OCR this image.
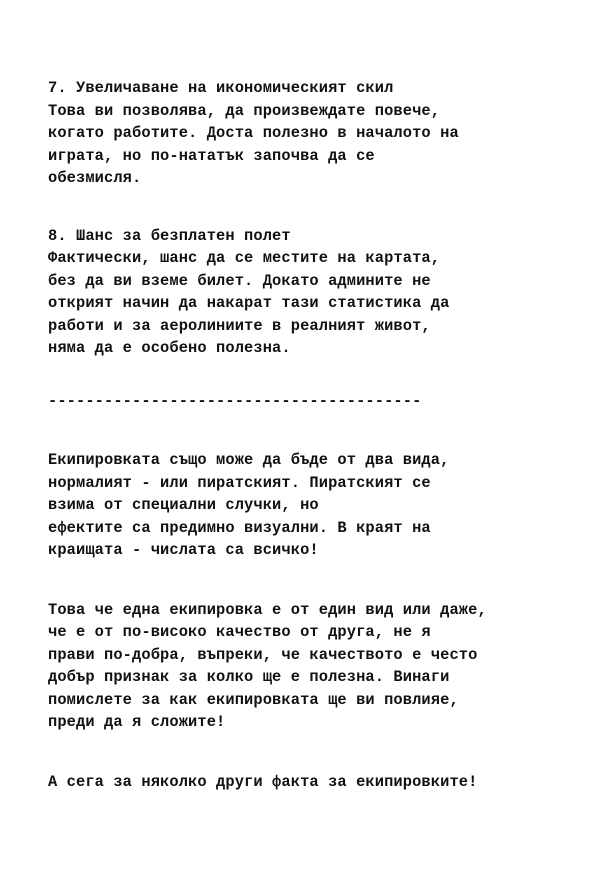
7. Увеличаване на икономическият скил
Това ви позволява, да произвеждате повече,
когато работите. Доста полезно в началото на
играта, но по-нататък започва да се
обезмисля.
8. Шанс за безплатен полет
Фактически, шанс да се местите на картата,
без да ви вземе билет. Докато админите не
открият начин да накарат тази статистика да
работи и за аеролиниите в реалният живот,
няма да е особено полезна.
----------------------------------------
Екипировката също може да бъде от два вида,
нормалият - или пиратският. Пиратският се
взима от специални случки, но
ефектите са предимно визуални. В краят на
краищата - числата са всичко!
Това че една екипировка е от един вид или даже,
че е от по-високо качество от друга, не я
прави по-добра, въпреки, че качеството е често
добър признак за колко ще е полезна. Винаги
помислете за как екипировката ще ви повлияе,
преди да я сложите!
А сега за няколко други факта за екипировките!
